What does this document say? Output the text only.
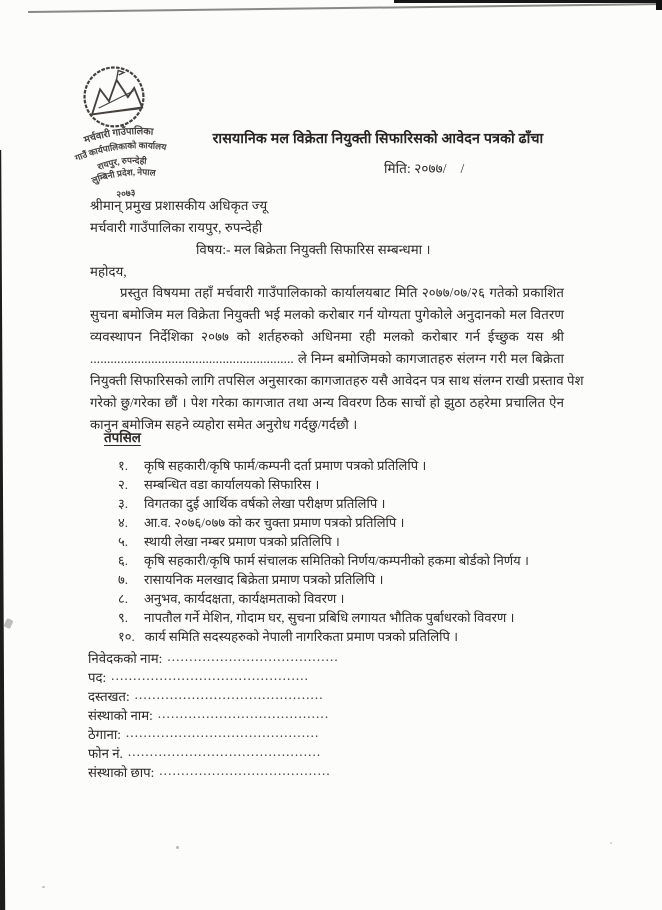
मर्चवारी गाउँपालिका
गाउँ कार्यपालिकाको कार्यालय
रायपुर, रुपन्देही
लुम्बिनी प्रदेश, नेपाल
२०७३
रासयानिक मल विक्रेता नियुक्ती सिफारिसको आवेदन पत्रको ढाँचा
मिति: २०७७/    /
श्रीमान् प्रमुख प्रशासकीय अधिकृत ज्यू
मर्चवारी गाउँपालिका रायपुर, रुपन्देही
विषय:- मल बिक्रेता नियुक्ती सिफारिस सम्बन्धमा ।
महोदय,
प्रस्तुत विषयमा तहाँ मर्चवारी गाउँपालिकाको कार्यालयबाट मिति २०७७/०७/२६ गतेको प्रकाशित
सुचना बमोजिम मल विक्रेता नियुक्ती भई मलको करोबार गर्न योग्यता पुगेकोले अनुदानको मल वितरण
व्यवस्थापन निर्देशिका २०७७ को शर्तहरुको अधिनमा रही मलको करोबार गर्न ईच्छुक यस श्री
............................................................ ले निम्न बमोजिमको कागजातहरु संलग्न गरी मल बिक्रेता
नियुक्ती सिफारिसको लागि तपसिल अनुसारका कागजातहरु यसै आवेदन पत्र साथ संलग्न राखी प्रस्ताव पेश
गरेको छु/गरेका छौं । पेश गरेका कागजात तथा अन्य विवरण ठिक साचों हो झुठा ठहरेमा प्रचालित ऐन
कानुन बमोजिम सहने व्यहोरा समेत अनुरोध गर्दछु/गर्दछौ ।
तपसिल
१.	कृषि सहकारी/कृषि फार्म/कम्पनी दर्ता प्रमाण पत्रको प्रतिलिपि ।
२.	सम्बन्धित वडा कार्यालयको सिफारिस ।
३.	विगतका दुई आर्थिक वर्षको लेखा परीक्षण प्रतिलिपि ।
४.	आ.व. २०७६/०७७ को कर चुक्ता प्रमाण पत्रको प्रतिलिपि ।
५.	स्थायी लेखा नम्बर प्रमाण पत्रको प्रतिलिपि ।
६.	कृषि सहकारी/कृषि फार्म संचालक समितिको निर्णय/कम्पनीको हकमा बोर्डको निर्णय ।
७.	रासायनिक मलखाद बिक्रेता प्रमाण पत्रको प्रतिलिपि ।
८.	अनुभव, कार्यदक्षता, कार्यक्षमताको विवरण ।
९.	नापतौल गर्ने मेशिन, गोदाम घर, सुचना प्रबिधि लगायत भौतिक पुर्बाधरको विवरण ।
१०. कार्य समिति सदस्यहरुको नेपाली नागरिकता प्रमाण पत्रको प्रतिलिपि ।
निवेदकको नाम: .......................................
पद: .............................................
दस्तखत: ...........................................
संस्थाको नाम: .......................................
ठेगाना: ............................................
फोन नं. ............................................
संस्थाको छाप: .......................................
